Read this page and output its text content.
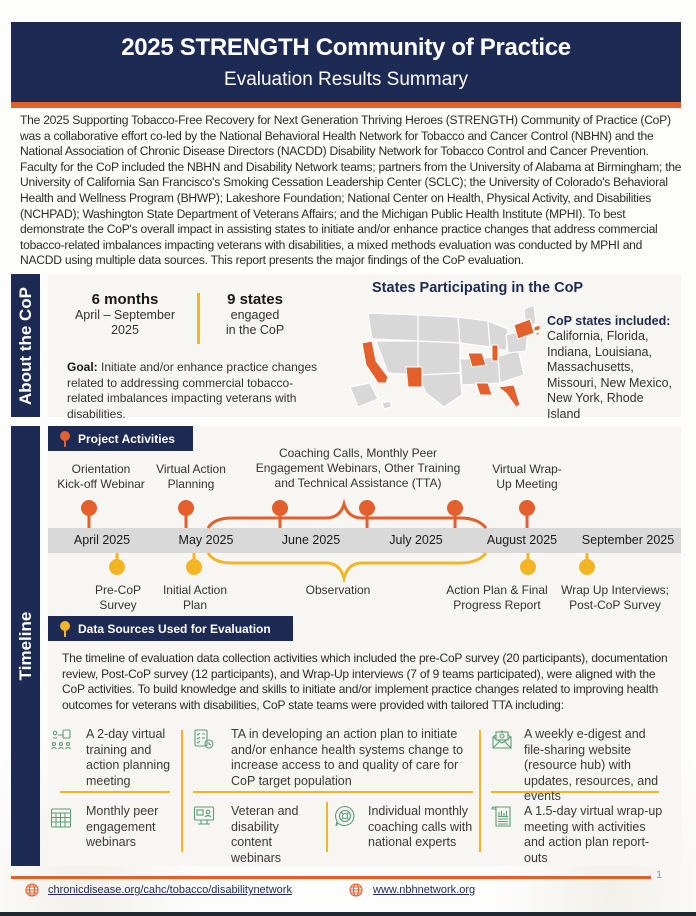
2025 STRENGTH Community of Practice
Evaluation Results Summary

The 2025 Supporting Tobacco-Free Recovery for Next Generation Thriving Heroes (STRENGTH) Community of Practice (CoP) was a collaborative effort co-led by the National Behavioral Health Network for Tobacco and Cancer Control (NBHN) and the National Association of Chronic Disease Directors (NACDD) Disability Network for Tobacco Control and Cancer Prevention. Faculty for the CoP included the NBHN and Disability Network teams; partners from the University of Alabama at Birmingham; the University of California San Francisco's Smoking Cessation Leadership Center (SCLC); the University of Colorado's Behavioral Health and Wellness Program (BHWP); Lakeshore Foundation; National Center on Health, Physical Activity, and Disabilities (NCHPAD); Washington State Department of Veterans Affairs; and the Michigan Public Health Institute (MPHI). To best demonstrate the CoP's overall impact in assisting states to initiate and/or enhance practice changes that address commercial tobacco-related imbalances impacting veterans with disabilities, a mixed methods evaluation was conducted by MPHI and NACDD using multiple data sources. This report presents the major findings of the CoP evaluation.

About the CoP	6 months
April – September
2025
9 states
engaged
in the CoP

Goal: Initiate and/or enhance practice changes related to addressing commercial tobacco-related imbalances impacting veterans with disabilities.

States Participating in the CoP
CoP states included:
California, Florida, Indiana, Louisiana, Massachusetts, Missouri, New Mexico, New York, Rhode Island
Timeline
Project Activities
Orientation
Kick-off Webinar
Virtual Action
Planning
Coaching Calls, Monthly Peer
Engagement Webinars, Other Training
and Technical Assistance (TTA)
Virtual Wrap-
Up Meeting
April 2025	May 2025	June 2025	July 2025	August 2025 September 2025
Pre-CoP
Survey
Initial Action
Plan
Observation	Action Plan & Final
Progress Report
Wrap Up Interviews;
Post-CoP Survey
Data Sources Used for Evaluation

The timeline of evaluation data collection activities which included the pre-CoP survey (20 participants), documentation review, Post-CoP survey (12 participants), and Wrap-Up interviews (7 of 9 teams participated), were aligned with the CoP activities. To build knowledge and skills to initiate and/or implement practice changes related to improving health outcomes for veterans with disabilities, CoP state teams were provided with tailored TTA including:

A 2-day virtual training and action planning meeting
TA in developing an action plan to initiate and/or enhance health systems change to increase access to and quality of care for CoP target population
A weekly e-digest and file-sharing website (resource hub) with updates, resources, and events
Monthly peer engagement webinars
Veteran and disability content webinars
Individual monthly coaching calls with national experts
A 1.5-day virtual wrap-up meeting with activities and action plan report-outs
1
chronicdisease.org/cahc/tobacco/disabilitynetwork	www.nbhnetwork.org
